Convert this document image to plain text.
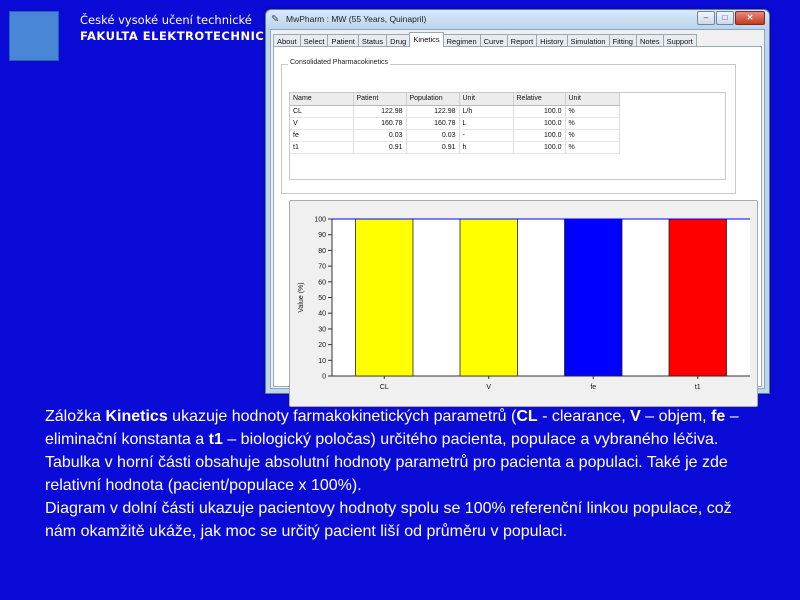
České vysoké učení technické
FAKULTA ELEKTROTECHNIC
✎ MwPharm : MW (55 Years, Quinapril)	–	□	✕
About Select Patient Status Drug Kinetics Regimen Curve Report History Simulation Fitting Notes Support
Consolidated Pharmacokinetics
Name	Patient	Population	Unit	Relative	Unit
CL	122.98	122.98	L/h	100.0	%
V	160.78	160.78	L	100.0	%
fe	0.03	0.03	-	100.0	%
t1	0.91	0.91	h	100.0	%
0
10
20
30
40
50
60
70
80
90
100
CL	V	fe	t1
Value (%)
Záložka Kinetics ukazuje hodnoty farmakokinetických parametrů (CL - clearance, V – objem, fe – eliminační konstanta a t1 – biologický poločas) určitého pacienta, populace a vybraného léčiva. Tabulka v horní části obsahuje absolutní hodnoty parametrů pro pacienta a populaci. Také je zde relativní hodnota (pacient/populace x 100%).
Diagram v dolní části ukazuje pacientovy hodnoty spolu se 100% referenční linkou populace, což nám okamžitě ukáže, jak moc se určitý pacient liší od průměru v populaci.
